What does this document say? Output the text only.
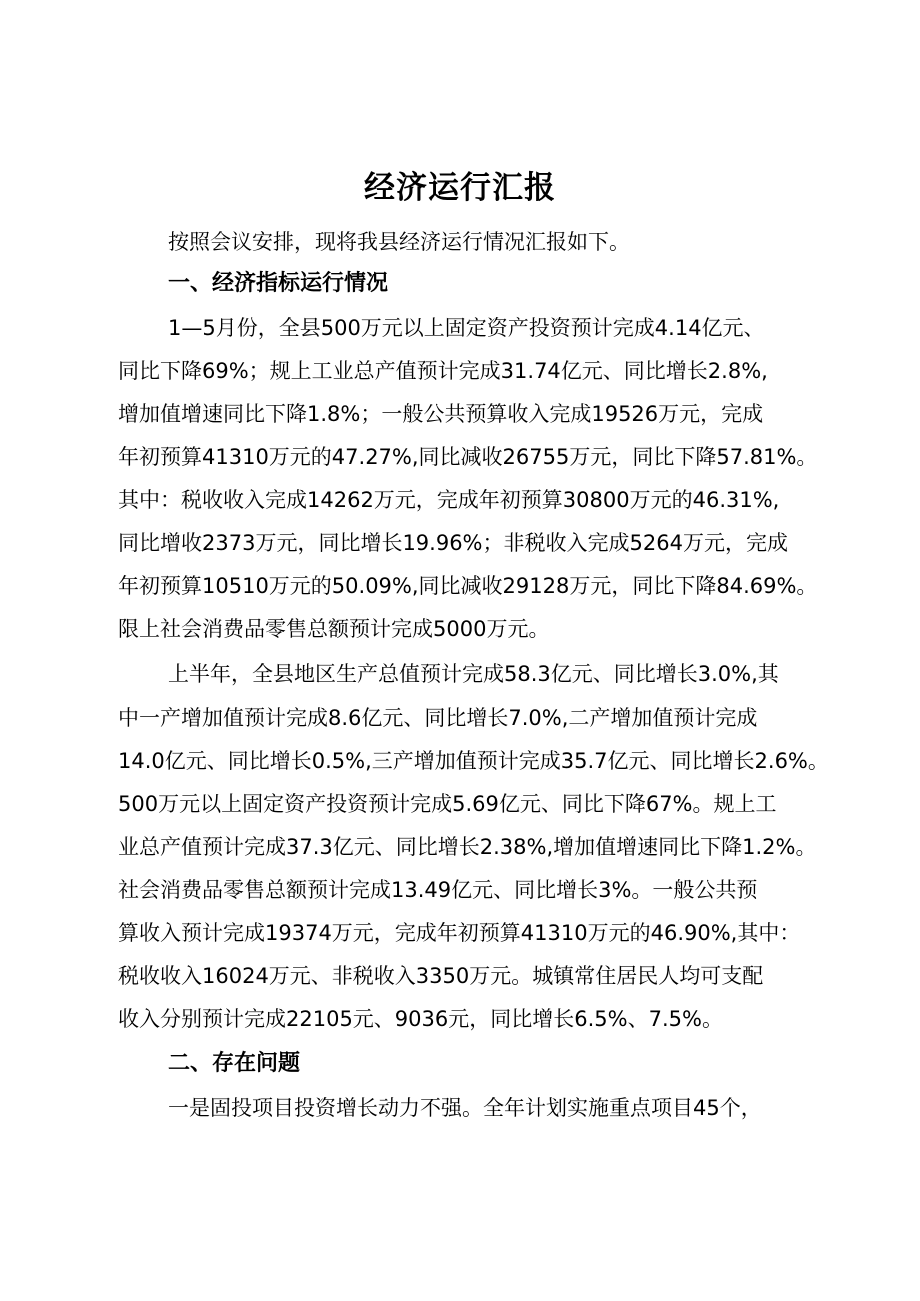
经济运行汇报
按照会议安排，现将我县经济运行情况汇报如下。
一、经济指标运行情况
1—5月份，全县500万元以上固定资产投资预计完成4.14亿元、
同比下降69%；规上工业总产值预计完成31.74亿元、同比增长2.8%,
增加值增速同比下降1.8%；一般公共预算收入完成19526万元，完成
年初预算41310万元的47.27%,同比减收26755万元，同比下降57.81%。
其中：税收收入完成14262万元，完成年初预算30800万元的46.31%,
同比增收2373万元，同比增长19.96%；非税收入完成5264万元，完成
年初预算10510万元的50.09%,同比减收29128万元，同比下降84.69%。
限上社会消费品零售总额预计完成5000万元。
上半年，全县地区生产总值预计完成58.3亿元、同比增长3.0%,其
中一产增加值预计完成8.6亿元、同比增长7.0%,二产增加值预计完成
14.0亿元、同比增长0.5%,三产增加值预计完成35.7亿元、同比增长2.6%。
500万元以上固定资产投资预计完成5.69亿元、同比下降67%。规上工
业总产值预计完成37.3亿元、同比增长2.38%,增加值增速同比下降1.2%。
社会消费品零售总额预计完成13.49亿元、同比增长3%。一般公共预
算收入预计完成19374万元，完成年初预算41310万元的46.90%,其中：
税收收入16024万元、非税收入3350万元。城镇常住居民人均可支配
收入分别预计完成22105元、9036元，同比增长6.5%、7.5%。
二、存在问题
一是固投项目投资增长动力不强。全年计划实施重点项目45个，
